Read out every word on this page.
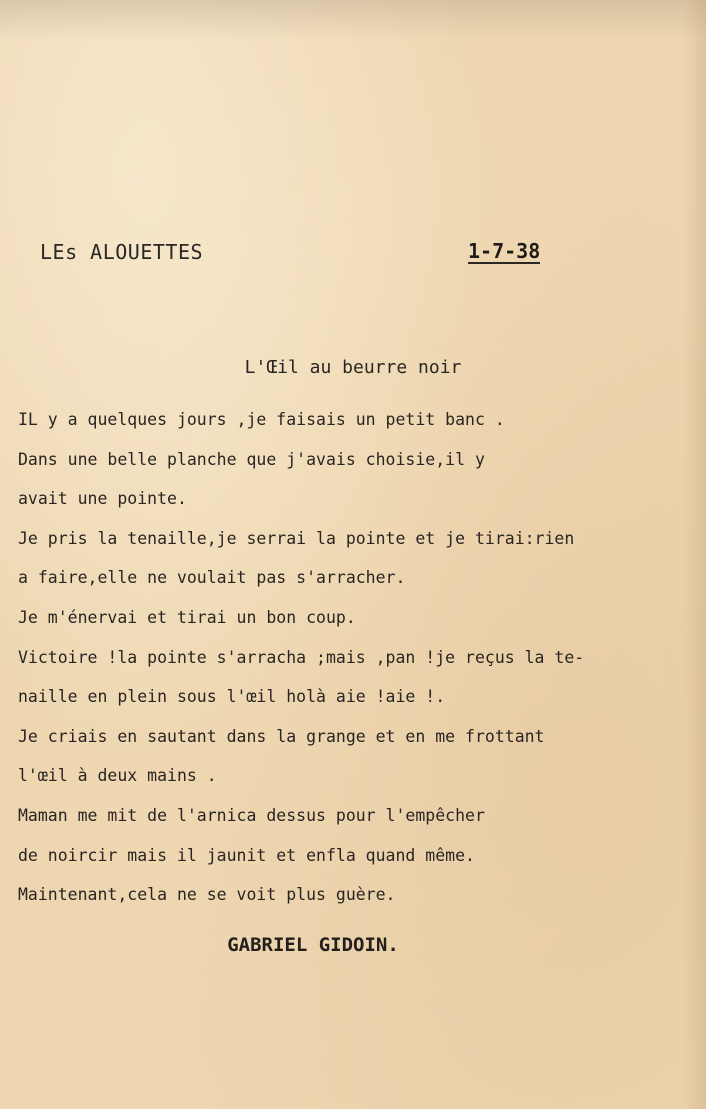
LEs ALOUETTES	1-7-38
L'Œil au beurre noir
IL y a quelques jours ,je faisais un petit banc .
Dans une belle planche que j'avais choisie,il y
avait une pointe.
Je pris la tenaille,je serrai la pointe et je tirai:rien
a faire,elle ne voulait pas s'arracher.
Je m'énervai et tirai un bon coup.
Victoire !la pointe s'arracha ;mais ,pan !je reçus la te-
naille en plein sous l'œil holà aie !aie !.
Je criais en sautant dans la grange et en me frottant
l'œil à deux mains .
Maman me mit de l'arnica dessus pour l'empêcher
de noircir mais il jaunit et enfla quand même.
Maintenant,cela ne se voit plus guère.
GABRIEL GIDOIN.
